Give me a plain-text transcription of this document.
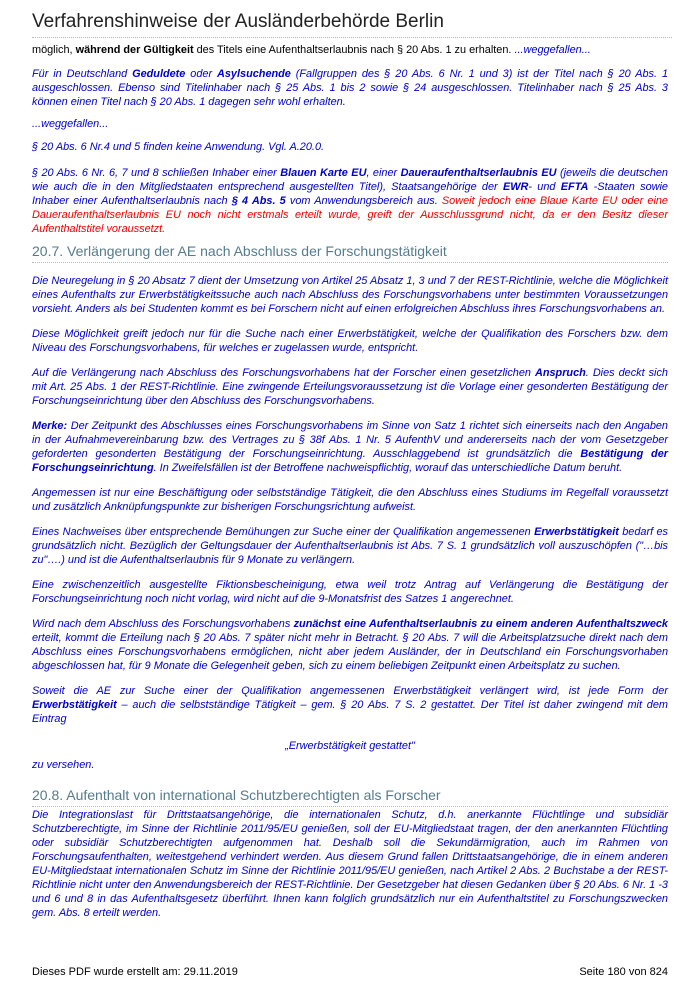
Verfahrenshinweise der Ausländerbehörde Berlin

möglich, während der Gültigkeit des Titels eine Aufenthaltserlaubnis nach § 20 Abs. 1 zu erhalten. ...weggefallen...

Für in Deutschland Geduldete oder Asylsuchende (Fallgruppen des § 20 Abs. 6 Nr. 1 und 3) ist der Titel nach § 20 Abs. 1 ausgeschlossen. Ebenso sind Titelinhaber nach § 25 Abs. 1 bis 2 sowie § 24 ausgeschlossen. Titelinhaber nach § 25 Abs. 3 können einen Titel nach § 20 Abs. 1 dagegen sehr wohl erhalten.

...weggefallen...

§ 20 Abs. 6 Nr.4 und 5 finden keine Anwendung. Vgl. A.20.0.

§ 20 Abs. 6 Nr. 6, 7 und 8 schließen Inhaber einer Blauen Karte EU, einer Daueraufenthaltserlaubnis EU (jeweils die deutschen wie auch die in den Mitgliedstaaten entsprechend ausgestellten Titel), Staatsangehörige der EWR- und EFTA -Staaten sowie Inhaber einer Aufenthaltserlaubnis nach § 4 Abs. 5 vom Anwendungsbereich aus. Soweit jedoch eine Blaue Karte EU oder eine Daueraufenthaltserlaubnis EU noch nicht erstmals erteilt wurde, greift der Ausschlussgrund nicht, da er den Besitz dieser Aufenthaltstitel voraussetzt.

20.7. Verlängerung der AE nach Abschluss der Forschungstätigkeit

Die Neuregelung in § 20 Absatz 7 dient der Umsetzung von Artikel 25 Absatz 1, 3 und 7 der REST-Richtlinie, welche die Möglichkeit eines Aufenthalts zur Erwerbstätigkeitssuche auch nach Abschluss des Forschungsvorhabens unter bestimmten Voraussetzungen vorsieht. Anders als bei Studenten kommt es bei Forschern nicht auf einen erfolgreichen Abschluss ihres Forschungsvorhabens an.

Diese Möglichkeit greift jedoch nur für die Suche nach einer Erwerbstätigkeit, welche der Qualifikation des Forschers bzw. dem Niveau des Forschungsvorhabens, für welches er zugelassen wurde, entspricht.

Auf die Verlängerung nach Abschluss des Forschungsvorhabens hat der Forscher einen gesetzlichen Anspruch. Dies deckt sich mit Art. 25 Abs. 1 der REST-Richtlinie. Eine zwingende Erteilungsvoraussetzung ist die Vorlage einer gesonderten Bestätigung der Forschungseinrichtung über den Abschluss des Forschungsvorhabens.

Merke: Der Zeitpunkt des Abschlusses eines Forschungsvorhabens im Sinne von Satz 1 richtet sich einerseits nach den Angaben in der Aufnahmevereinbarung bzw. des Vertrages zu § 38f Abs. 1 Nr. 5 AufenthV und andererseits nach der vom Gesetzgeber geforderten gesonderten Bestätigung der Forschungseinrichtung. Ausschlaggebend ist grundsätzlich die Bestätigung der Forschungseinrichtung. In Zweifelsfällen ist der Betroffene nachweispflichtig, worauf das unterschiedliche Datum beruht.

Angemessen ist nur eine Beschäftigung oder selbstständige Tätigkeit, die den Abschluss eines Studiums im Regelfall voraussetzt und zusätzlich Anknüpfungspunkte zur bisherigen Forschungsrichtung aufweist.

Eines Nachweises über entsprechende Bemühungen zur Suche einer der Qualifikation angemessenen Erwerbstätigkeit bedarf es grundsätzlich nicht. Bezüglich der Geltungsdauer der Aufenthaltserlaubnis ist Abs. 7 S. 1 grundsätzlich voll auszuschöpfen ("…bis zu"….) und ist die Aufenthaltserlaubnis für 9 Monate zu verlängern.

Eine zwischenzeitlich ausgestellte Fiktionsbescheinigung, etwa weil trotz Antrag auf Verlängerung die Bestätigung der Forschungseinrichtung noch nicht vorlag, wird nicht auf die 9-Monatsfrist des Satzes 1 angerechnet.

Wird nach dem Abschluss des Forschungsvorhabens zunächst eine Aufenthaltserlaubnis zu einem anderen Aufenthaltszweck erteilt, kommt die Erteilung nach § 20 Abs. 7 später nicht mehr in Betracht. § 20 Abs. 7 will die Arbeitsplatzsuche direkt nach dem Abschluss eines Forschungsvorhabens ermöglichen, nicht aber jedem Ausländer, der in Deutschland ein Forschungsvorhaben abgeschlossen hat, für 9 Monate die Gelegenheit geben, sich zu einem beliebigen Zeitpunkt einen Arbeitsplatz zu suchen.

Soweit die AE zur Suche einer der Qualifikation angemessenen Erwerbstätigkeit verlängert wird, ist jede Form der Erwerbstätigkeit – auch die selbstständige Tätigkeit – gem. § 20 Abs. 7 S. 2 gestattet. Der Titel ist daher zwingend mit dem Eintrag

„Erwerbstätigkeit gestattet"

zu versehen.

20.8. Aufenthalt von international Schutzberechtigten als Forscher

Die Integrationslast für Drittstaatsangehörige, die internationalen Schutz, d.h. anerkannte Flüchtlinge und subsidiär Schutzberechtigte, im Sinne der Richtlinie 2011/95/EU genießen, soll der EU-Mitgliedstaat tragen, der den anerkannten Flüchtling oder subsidiär Schutzberechtigten aufgenommen hat. Deshalb soll die Sekundärmigration, auch im Rahmen von Forschungsaufenthalten, weitestgehend verhindert werden. Aus diesem Grund fallen Drittstaatsangehörige, die in einem anderen EU-Mitgliedstaat internationalen Schutz im Sinne der Richtlinie 2011/95/EU genießen, nach Artikel 2 Abs. 2 Buchstabe a der REST-Richtlinie nicht unter den Anwendungsbereich der REST-Richtlinie. Der Gesetzgeber hat diesen Gedanken über § 20 Abs. 6 Nr. 1 -3 und 6 und 8 in das Aufenthaltsgesetz überführt. Ihnen kann folglich grundsätzlich nur ein Aufenthaltstitel zu Forschungszwecken gem. Abs. 8 erteilt werden.

Dieses PDF wurde erstellt am: 29.11.2019	Seite 180 von 824
